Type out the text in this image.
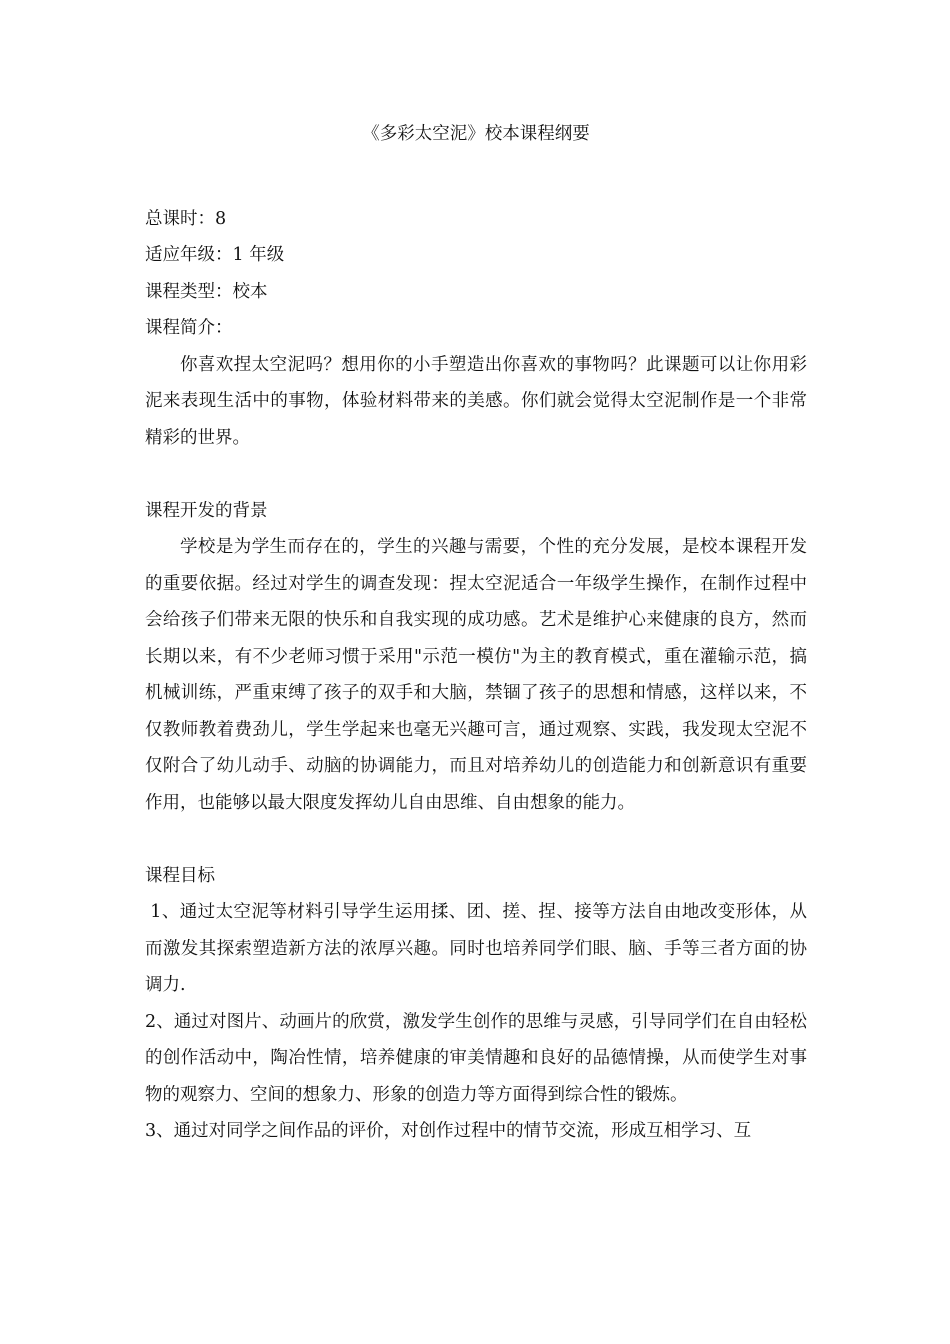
《多彩太空泥》校本课程纲要

总课时：8

适应年级：1 年级

课程类型：校本

课程简介：

你喜欢捏太空泥吗？想用你的小手塑造出你喜欢的事物吗？此课题可以让你用彩泥来表现生活中的事物，体验材料带来的美感。你们就会觉得太空泥制作是一个非常精彩的世界。

课程开发的背景

学校是为学生而存在的，学生的兴趣与需要，个性的充分发展，是校本课程开发的重要依据。经过对学生的调查发现：捏太空泥适合一年级学生操作，在制作过程中会给孩子们带来无限的快乐和自我实现的成功感。艺术是维护心来健康的良方，然而长期以来，有不少老师习惯于采用"示范一模仿"为主的教育模式，重在灌输示范，搞机械训练，严重束缚了孩子的双手和大脑，禁锢了孩子的思想和情感，这样以来，不仅教师教着费劲儿，学生学起来也毫无兴趣可言，通过观察、实践，我发现太空泥不仅附合了幼儿动手、动脑的协调能力，而且对培养幼儿的创造能力和创新意识有重要作用，也能够以最大限度发挥幼儿自由思维、自由想象的能力。

课程目标

1、通过太空泥等材料引导学生运用揉、团、搓、捏、接等方法自由地改变形体，从而激发其探索塑造新方法的浓厚兴趣。同时也培养同学们眼、脑、手等三者方面的协调力.

2、通过对图片、动画片的欣赏，激发学生创作的思维与灵感，引导同学们在自由轻松的创作活动中，陶冶性情，培养健康的审美情趣和良好的品德情操，从而使学生对事物的观察力、空间的想象力、形象的创造力等方面得到综合性的锻炼。

3、通过对同学之间作品的评价，对创作过程中的情节交流，形成互相学习、互
